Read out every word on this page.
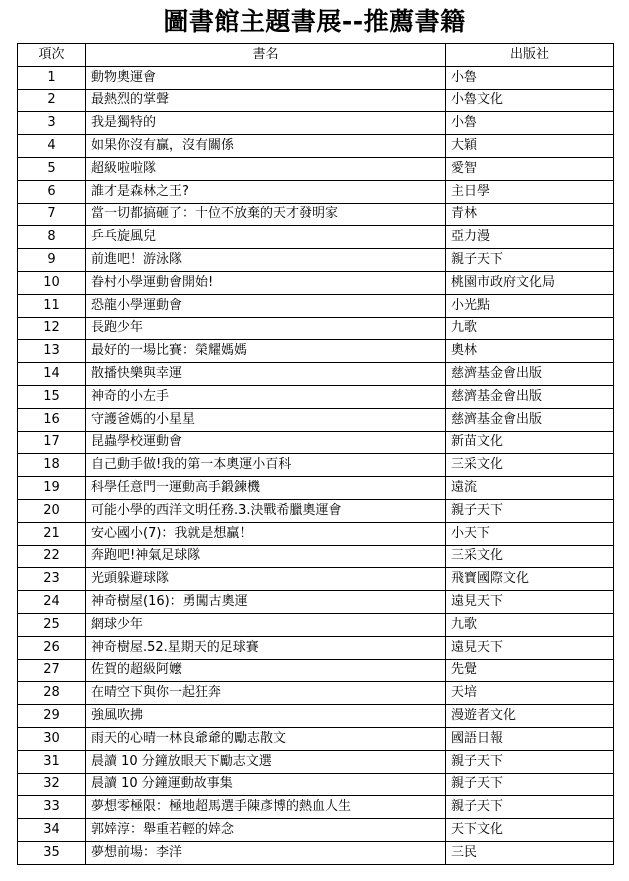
圖書館主題書展--推薦書籍
項次	書名	出版社
1	動物奧運會	小魯
2	最熱烈的掌聲	小魯文化
3	我是獨特的	小魯
4	如果你沒有贏，沒有關係	大穎
5	超級啦啦隊	愛智
6	誰才是森林之王?	主日學
7	當一切都搞砸了：十位不放棄的天才發明家	青林
8	乒乓旋風兒	亞力漫
9	前進吧！游泳隊	親子天下
10	眷村小學運動會開始!	桃園市政府文化局
11	恐龍小學運動會	小光點
12	長跑少年	九歌
13	最好的一場比賽：榮耀媽媽	奧林
14	散播快樂與幸運	慈濟基金會出版
15	神奇的小左手	慈濟基金會出版
16	守護爸媽的小星星	慈濟基金會出版
17	昆蟲學校運動會	新苗文化
18	自己動手做!我的第一本奧運小百科	三采文化
19	科學任意門一運動高手鍛鍊機	遠流
20	可能小學的西洋文明任務.3.決戰希臘奧運會	親子天下
21	安心國小(7)：我就是想贏！	小天下
22	奔跑吧!神氣足球隊	三采文化
23	光頭躲避球隊	飛寶國際文化
24	神奇樹屋(16)：勇闖古奧運	遠見天下
25	網球少年	九歌
26	神奇樹屋.52.星期天的足球賽	遠見天下
27	佐賀的超級阿嬤	先覺
28	在晴空下與你一起狂奔	天培
29	強風吹拂	漫遊者文化
30	雨天的心晴一林良爺爺的勵志散文	國語日報
31	晨讀 10 分鐘放眼天下勵志文選	親子天下
32	晨讀 10 分鐘運動故事集	親子天下
33	夢想零極限：極地超馬選手陳彥博的熱血人生	親子天下
34	郭婞淳：舉重若輕的婞念	天下文化
35	夢想前場：李洋	三民
